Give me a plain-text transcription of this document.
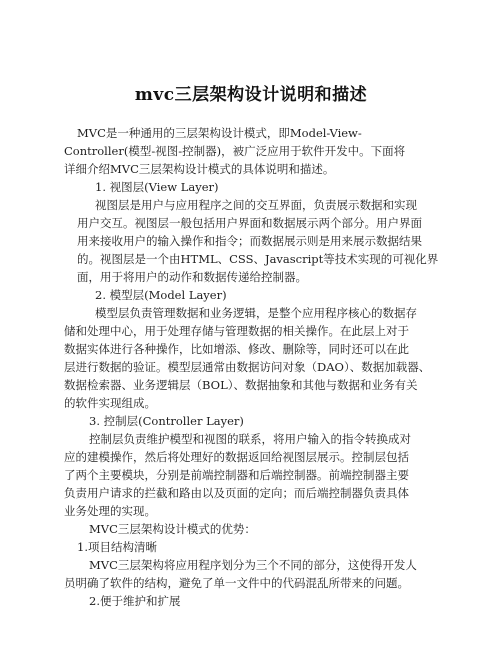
mvc三层架构设计说明和描述
MVC是一种通用的三层架构设计模式，即Model-View-
Controller(模型-视图-控制器)，被广泛应用于软件开发中。下面将
详细介绍MVC三层架构设计模式的具体说明和描述。
1. 视图层(View Layer)
视图层是用户与应用程序之间的交互界面，负责展示数据和实现
用户交互。视图层一般包括用户界面和数据展示两个部分。用户界面
用来接收用户的输入操作和指令；而数据展示则是用来展示数据结果
的。视图层是一个由HTML、CSS、Javascript等技术实现的可视化界
面，用于将用户的动作和数据传递给控制器。
2. 模型层(Model Layer)
模型层负责管理数据和业务逻辑，是整个应用程序核心的数据存
储和处理中心，用于处理存储与管理数据的相关操作。在此层上对于
数据实体进行各种操作，比如增添、修改、删除等，同时还可以在此
层进行数据的验证。模型层通常由数据访问对象（DAO）、数据加载器、
数据检索器、业务逻辑层（BOL）、数据抽象和其他与数据和业务有关
的软件实现组成。
3. 控制层(Controller Layer)
控制层负责维护模型和视图的联系，将用户输入的指令转换成对
应的建模操作，然后将处理好的数据返回给视图层展示。控制层包括
了两个主要模块，分别是前端控制器和后端控制器。前端控制器主要
负责用户请求的拦截和路由以及页面的定向；而后端控制器负责具体
业务处理的实现。
MVC三层架构设计模式的优势：
1.项目结构清晰
MVC三层架构将应用程序划分为三个不同的部分，这使得开发人
员明确了软件的结构，避免了单一文件中的代码混乱所带来的问题。
2.便于维护和扩展
